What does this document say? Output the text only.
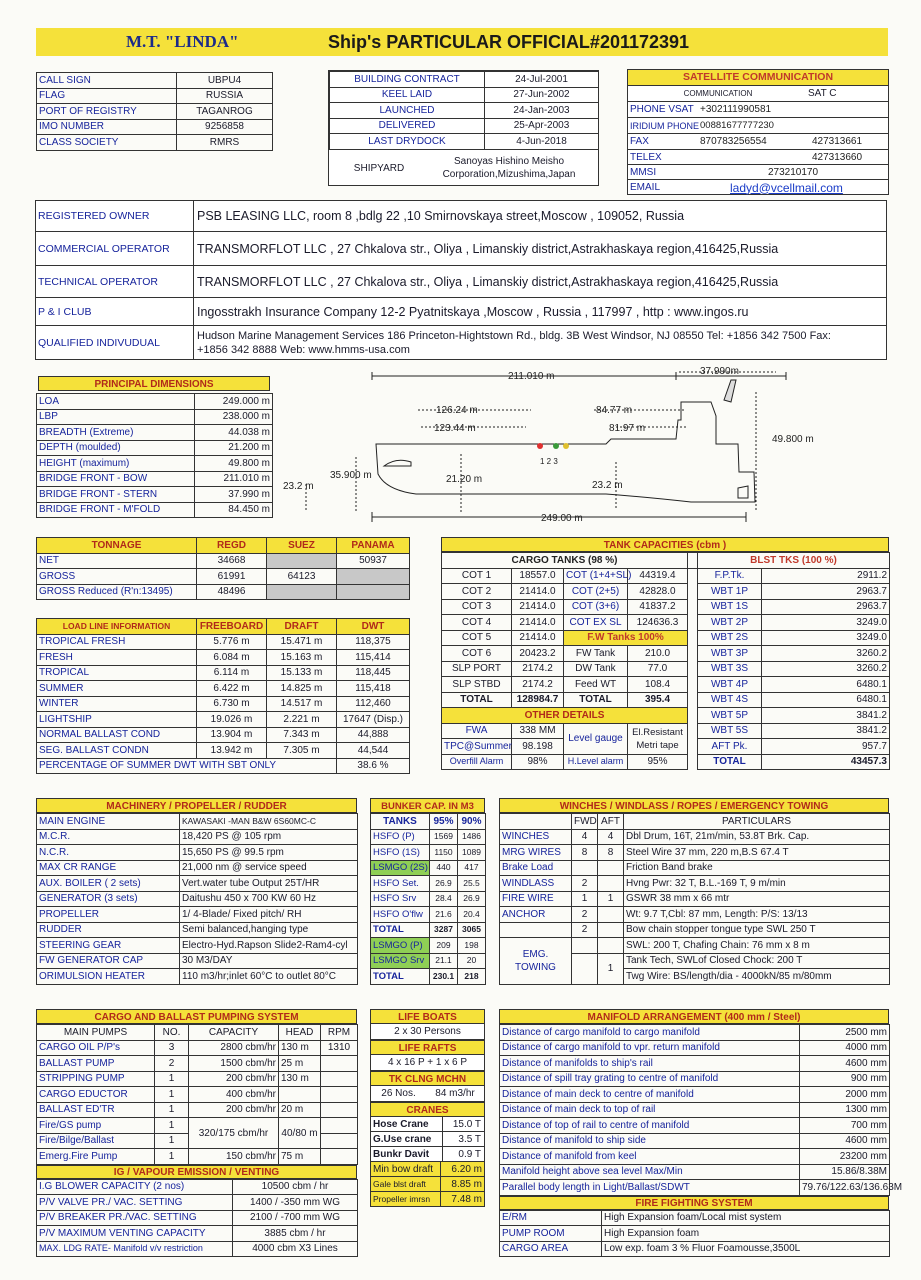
M.T. "LINDA"	Ship's PARTICULAR OFFICIAL#201172391
CALL SIGN	UBPU4
FLAG	RUSSIA
PORT OF REGISTRY	TAGANROG
IMO NUMBER	9256858
CLASS SOCIETY	RMRS
BUILDING CONTRACT	24-Jul-2001
KEEL LAID	27-Jun-2002
LAUNCHED	24-Jan-2003
DELIVERED	25-Apr-2003
LAST DRYDOCK	4-Jun-2018
SHIPYARD
Sanoyas Hishino Meisho Corporation,Mizushima,Japan
SATELLITE COMMUNICATION
COMMUNICATION	SAT C
PHONE VSAT +302111990581
IRIDIUM PHONE 00881677777230
FAX	870783256554	427313661
TELEX	427313660
MMSI	273210170
EMAIL	ladyd@vcellmail.com
REGISTERED OWNER	PSB LEASING LLC, room 8 ,bdlg 22 ,10 Smirnovskaya street,Moscow , 109052, Russia
COMMERCIAL OPERATOR	TRANSMORFLOT LLC , 27 Chkalova str., Oliya , Limanskiy district,Astrakhaskaya region,416425,Russia
TECHNICAL OPERATOR	TRANSMORFLOT LLC , 27 Chkalova str., Oliya , Limanskiy district,Astrakhaskaya region,416425,Russia
P & I CLUB	Ingosstrakh Insurance Company 12-2 Pyatnitskaya ,Moscow , Russia , 117997 , http : www.ingos.ru
QUALIFIED INDIVUDUAL
Hudson Marine Management Services 186 Princeton-Hightstown Rd., bldg. 3B West Windsor, NJ 08550 Tel: +1856 342 7500 Fax:
+1856 342 8888 Web: www.hmms-usa.com
PRINCIPAL DIMENSIONS
LOA	249.000 m
LBP	238.000 m
BREADTH (Extreme)	44.038 m
DEPTH (moulded)	21.200 m
HEIGHT (maximum)	49.800 m
BRIDGE FRONT - BOW	211.010 m
BRIDGE FRONT - STERN	37.990 m
BRIDGE FRONT - M'FOLD	84.450 m
211.010 m	37.990m
126.24 m
123.44 m
84.77 m
81.97 m
49.800 m
35.900 m
23.2 m
21.20 m
23.2 m
249.00 m
1 2 3
TONNAGE	REGD	SUEZ	PANAMA
NET	34668		50937
GROSS	61991	64123	
GROSS Reduced (R'n:13495)	48496		
LOAD LINE INFORMATION	FREEBOARD	DRAFT	DWT
TROPICAL FRESH	5.776 m	15.471 m	118,375
FRESH	6.084 m	15.163 m	115,414
TROPICAL	6.114 m	15.133 m	118,445
SUMMER	6.422 m	14.825 m	115,418
WINTER	6.730 m	14.517 m	112,460
LIGHTSHIP	19.026 m	2.221 m	17647 (Disp.)
NORMAL BALLAST COND	13.904 m	7.343 m	44,888
SEG. BALLAST CONDN	13.942 m	7.305 m	44,544
PERCENTAGE OF SUMMER DWT WITH SBT ONLY			38.6 %
TANK CAPACITIES (cbm )
CARGO TANKS (98 %)					BLST TKS (100 %)	
COT 1	18557.0	COT (1+4+SL)	44319.4		F.P.Tk.	2911.2
COT 2	21414.0	COT (2+5)	42828.0		WBT 1P	2963.7
COT 3	21414.0	COT (3+6)	41837.2		WBT 1S	2963.7
COT 4	21414.0	COT EX SL	124636.3		WBT 2P	3249.0
COT 5	21414.0	F.W Tanks 100%			WBT 2S	3249.0
COT 6	20423.2	FW Tank	210.0		WBT 3P	3260.2
SLP PORT	2174.2	DW Tank	77.0		WBT 3S	3260.2
SLP STBD	2174.2	Feed WT	108.4		WBT 4P	6480.1
TOTAL	128984.7	TOTAL	395.4		WBT 4S	6480.1
OTHER DETAILS					WBT 5P	3841.2
FWA	338 MM	Level gauge	El.Resistant Metri tape		WBT 5S	3841.2
TPC@Summer	98.198				AFT Pk.	957.7
Overfill Alarm	98%	H.Level alarm	95%		TOTAL	43457.3
MACHINERY / PROPELLER / RUDDER
MAIN ENGINE	KAWASAKI -MAN B&W 6S60MC-C
M.C.R.	18,420 PS @ 105 rpm
N.C.R.	15,650 PS @ 99.5 rpm
MAX CR RANGE	21,000 nm @ service speed
AUX. BOILER ( 2 sets)	Vert.water tube Output 25T/HR
GENERATOR (3 sets)	Daitushu 450 x 700 KW 60 Hz
PROPELLER	1/ 4-Blade/ Fixed pitch/ RH
RUDDER	Semi balanced,hanging type
STEERING GEAR	Electro-Hyd.Rapson Slide2-Ram4-cyl
FW GENERATOR CAP	30 M3/DAY
ORIMULSION HEATER	110 m3/hr;inlet 60°C to outlet 80°C
BUNKER CAP. IN M3
TANKS	95%	90%
HSFO (P)	1569	1486
HSFO (1S)	1150	1089
LSMGO (2S)	440	417
HSFO Set.	26.9	25.5
HSFO Srv	28.4	26.9
HSFO O'flw	21.6	20.4
TOTAL	3287	3065
LSMGO (P)	209	198
LSMGO Srv	21.1	20
TOTAL	230.1	218
WINCHES / WINDLASS / ROPES / EMERGENCY TOWING
	FWD	AFT	PARTICULARS
WINCHES	4	4	Dbl Drum, 16T, 21m/min, 53.8T Brk. Cap.
MRG WIRES	8	8	Steel Wire 37 mm, 220 m,B.S 67.4 T
Brake Load			Friction Band brake
WINDLASS	2		Hvng Pwr: 32 T, B.L.-169 T, 9 m/min
FIRE WIRE	1	1	GSWR 38 mm x 66 mtr
ANCHOR	2		Wt: 9.7 T,Cbl: 87 mm, Length: P/S: 13/13
	2		Bow chain stopper tongue type SWL 250 T
EMG. TOWING			SWL: 200 T, Chafing Chain: 76 mm x 8 m
		1	Tank Tech, SWLof Closed Chock: 200 T
			Twg Wire: BS/length/dia - 4000kN/85 m/80mm
CARGO AND BALLAST PUMPING SYSTEM
MAIN PUMPS	NO.	CAPACITY	HEAD	RPM
CARGO OIL P/P's	3	2800 cbm/hr	130 m	1310
BALLAST PUMP	2	1500 cbm/hr	25 m	
STRIPPING PUMP	1	200 cbm/hr	130 m	
CARGO EDUCTOR	1	400 cbm/hr		
BALLAST ED'TR	1	200 cbm/hr	20 m	
Fire/GS pump	1	320/175 cbm/hr	40/80 m	
Fire/Bilge/Ballast	1			
Emerg.Fire Pump	1	150 cbm/hr	75 m	
IG / VAPOUR EMISSION / VENTING
I.G BLOWER CAPACITY (2 nos)	10500 cbm / hr
P/V VALVE PR./ VAC. SETTING	1400 / -350 mm WG
P/V BREAKER PR./VAC. SETTING	2100 / -700 mm WG
P/V MAXIMUM VENTING CAPACITY	3885 cbm / hr
MAX. LDG RATE- Manifold v/v restriction	4000 cbm X3 Lines
LIFE BOATS
2 x 30 Persons
LIFE RAFTS
4 x 16 P + 1 x 6 P
TK CLNG MCHN
26 Nos.	84 m3/hr
CRANES
Hose Crane	15.0 T
G.Use crane	3.5 T
Bunkr Davit	0.9 T
Min bow draft	6.20 m
Gale blst draft	8.85 m
Propeller imrsn	7.48 m
MANIFOLD ARRANGEMENT (400 mm / Steel)
Distance of cargo manifold to cargo manifold	2500 mm
Distance of cargo manifold to vpr. return manifold	4000 mm
Distance of manifolds to ship's rail	4600 mm
Distance of spill tray grating to centre of manifold	900 mm
Distance of main deck to centre of manifold	2000 mm
Distance of main deck to top of rail	1300 mm
Distance of top of rail to centre of manifold	700 mm
Distance of manifold to ship side	4600 mm
Distance of manifold from keel	23200 mm
Manifold height above sea level Max/Min	15.86/8.38M
Parallel body length in Light/Ballast/SDWT	79.76/122.63/136.63M
FIRE FIGHTING SYSTEM
E/RM	High Expansion foam/Local mist system
PUMP ROOM	High Expansion foam
CARGO AREA	Low exp. foam 3 % Fluor Foamousse,3500L
